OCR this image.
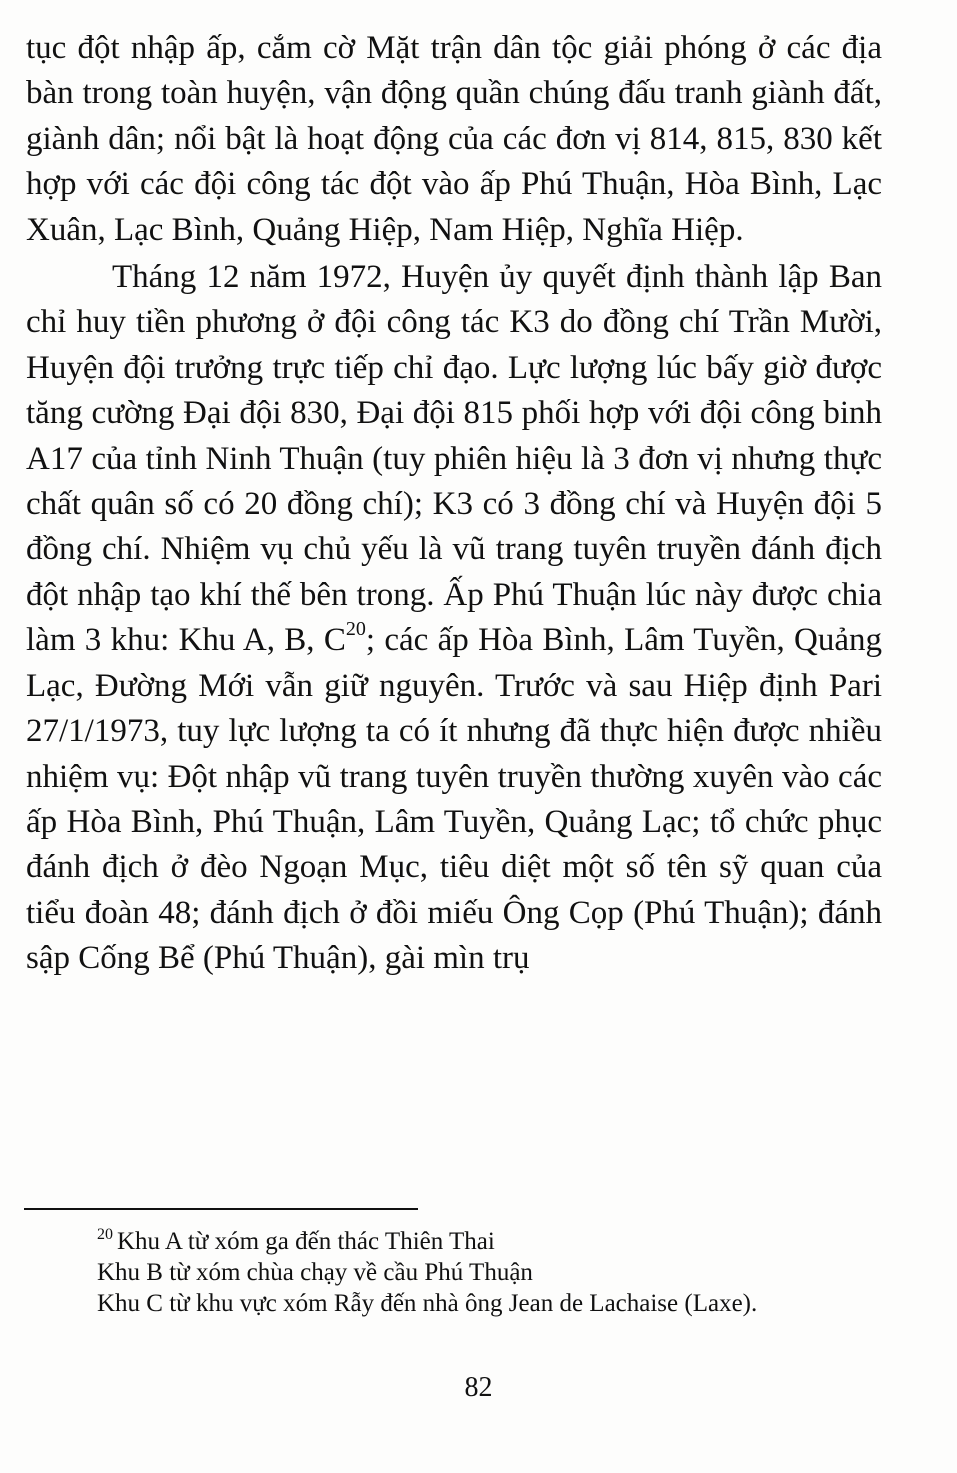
tục đột nhập ấp, cắm cờ Mặt trận dân tộc giải phóng ở các địa bàn trong toàn huyện, vận động quần chúng đấu tranh giành đất, giành dân; nổi bật là hoạt động của các đơn vị 814, 815, 830 kết hợp với các đội công tác đột vào ấp Phú Thuận, Hòa Bình, Lạc Xuân, Lạc Bình, Quảng Hiệp, Nam Hiệp, Nghĩa Hiệp.

Tháng 12 năm 1972, Huyện ủy quyết định thành lập Ban chỉ huy tiền phương ở đội công tác K3 do đồng chí Trần Mười, Huyện đội trưởng trực tiếp chỉ đạo. Lực lượng lúc bấy giờ được tăng cường Đại đội 830, Đại đội 815 phối hợp với đội công binh A17 của tỉnh Ninh Thuận (tuy phiên hiệu là 3 đơn vị nhưng thực chất quân số có 20 đồng chí); K3 có 3 đồng chí và Huyện đội 5 đồng chí. Nhiệm vụ chủ yếu là vũ trang tuyên truyền đánh địch đột nhập tạo khí thế bên trong. Ấp Phú Thuận lúc này được chia làm 3 khu: Khu A, B, C$^{20}$; các ấp Hòa Bình, Lâm Tuyền, Quảng Lạc, Đường Mới vẫn giữ nguyên. Trước và sau Hiệp định Pari 27/1/1973, tuy lực lượng ta có ít nhưng đã thực hiện được nhiều nhiệm vụ: Đột nhập vũ trang tuyên truyền thường xuyên vào các ấp Hòa Bình, Phú Thuận, Lâm Tuyền, Quảng Lạc; tổ chức phục đánh địch ở đèo Ngoạn Mục, tiêu diệt một số tên sỹ quan của tiểu đoàn 48; đánh địch ở đồi miếu Ông Cọp (Phú Thuận); đánh sập Cống Bể (Phú Thuận), gài mìn trụ

$^{20}$ Khu A từ xóm ga đến thác Thiên Thai
Khu B từ xóm chùa chạy về cầu Phú Thuận
Khu C từ khu vực xóm Rẫy đến nhà ông Jean de Lachaise (Laxe).
82
